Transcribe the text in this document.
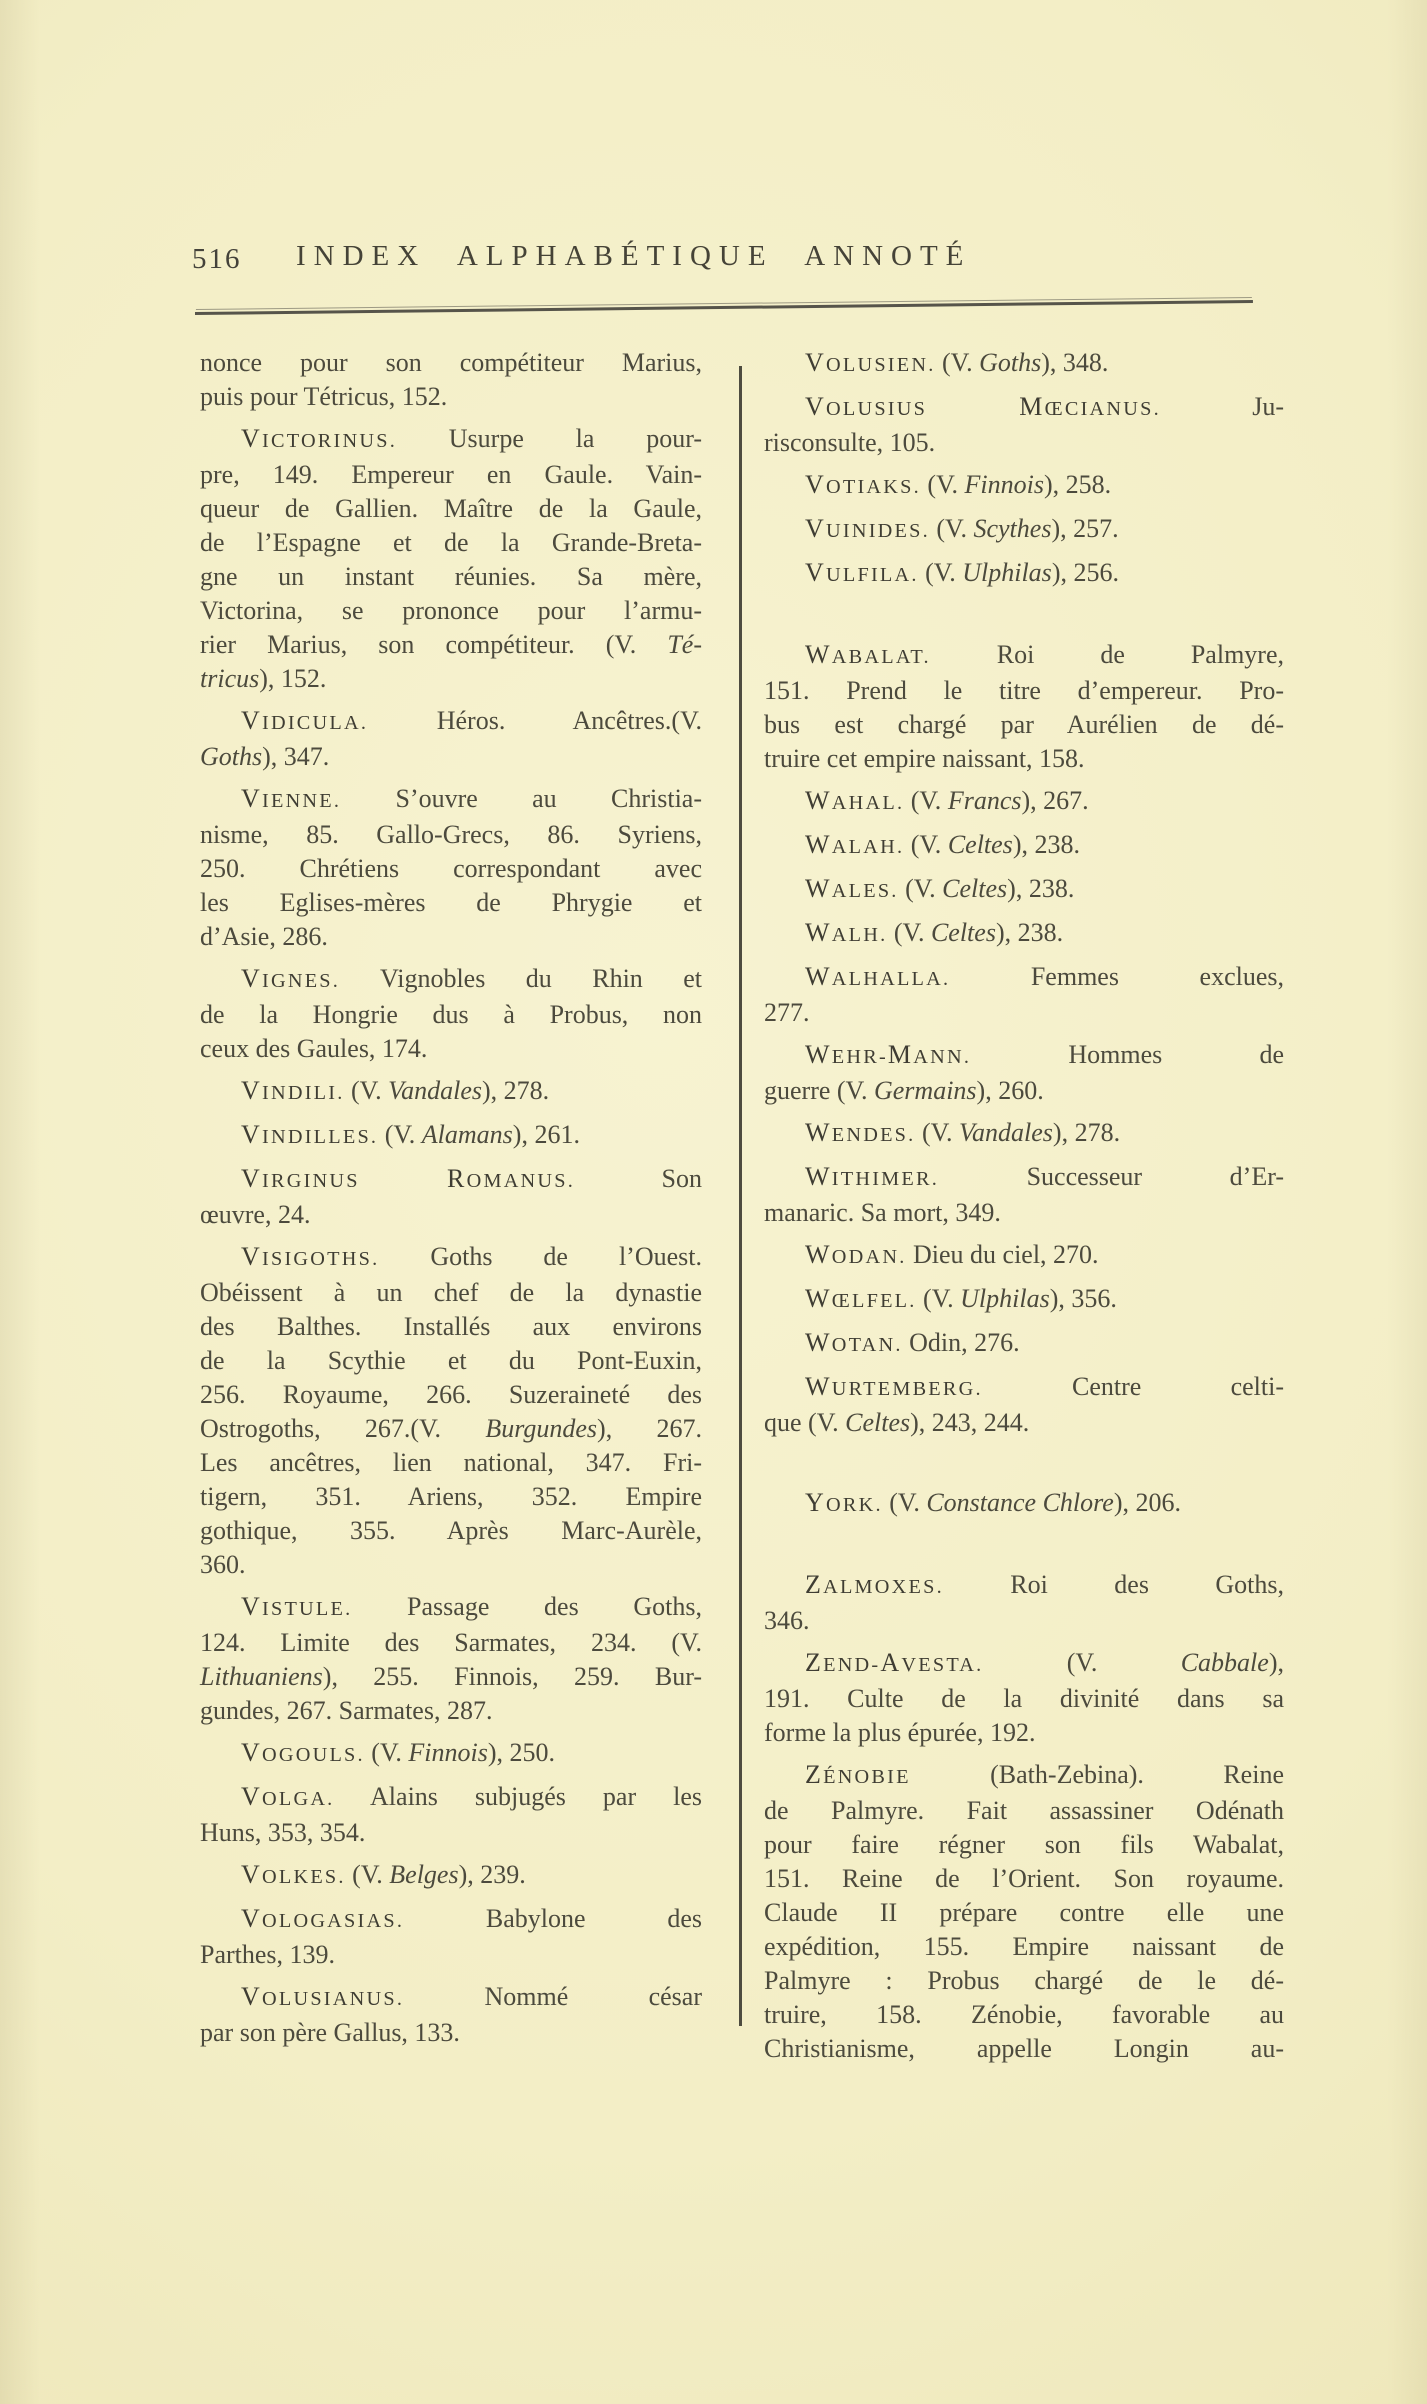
516 INDEX ALPHABÉTIQUE ANNOTÉ
nonce pour son compétiteur Marius,
puis pour Tétricus, 152.
VICTORINUS. Usurpe la pour-
pre, 149. Empereur en Gaule. Vain-
queur de Gallien. Maître de la Gaule,
de l’Espagne et de la Grande-Breta-
gne un instant réunies. Sa mère,
Victorina, se prononce pour l’armu-
rier Marius, son compétiteur. (V. Té-
tricus), 152.
VIDICULA. Héros. Ancêtres.(V.
Goths), 347.
VIENNE. S’ouvre au Christia-
nisme, 85. Gallo-Grecs, 86. Syriens,
250. Chrétiens correspondant avec
les Eglises-mères de Phrygie et
d’Asie, 286.
VIGNES. Vignobles du Rhin et
de la Hongrie dus à Probus, non
ceux des Gaules, 174.
VINDILI. (V. Vandales), 278.
VINDILLES. (V. Alamans), 261.
VIRGINUS	ROMANUS. Son
œuvre, 24.
VISIGOTHS. Goths de l’Ouest.
Obéissent à un chef de la dynastie
des Balthes. Installés aux environs
de la Scythie et du Pont-Euxin,
256. Royaume, 266. Suzeraineté des
Ostrogoths, 267.(V. Burgundes), 267.
Les ancêtres, lien national, 347. Fri-
tigern, 351. Ariens, 352. Empire
gothique, 355. Après Marc-Aurèle,
360.
VISTULE. Passage des Goths,
124. Limite des Sarmates, 234. (V.
Lithuaniens), 255. Finnois, 259. Bur-
gundes, 267. Sarmates, 287.
VOGOULS. (V. Finnois), 250.
VOLGA. Alains subjugés par les
Huns, 353, 354.
VOLKES. (V. Belges), 239.
VOLOGASIAS. Babylone des
Parthes, 139.
VOLUSIANUS. Nommé césar
par son père Gallus, 133.
VOLUSIEN. (V. Goths), 348.
VOLUSIUS	MŒCIANUS. Ju-
risconsulte, 105.
VOTIAKS. (V. Finnois), 258.
VUINIDES. (V. Scythes), 257.
VULFILA. (V. Ulphilas), 256.
WABALAT. Roi de Palmyre,
151. Prend le titre d’empereur. Pro-
bus est chargé par Aurélien de dé-
truire cet empire naissant, 158.
WAHAL. (V. Francs), 267.
WALAH. (V. Celtes), 238.
WALES. (V. Celtes), 238.
WALH. (V. Celtes), 238.
WALHALLA. Femmes exclues,
277.
WEHR-MANN. Hommes de
guerre (V. Germains), 260.
WENDES. (V. Vandales), 278.
WITHIMER. Successeur d’Er-
manaric. Sa mort, 349.
WODAN. Dieu du ciel, 270.
WŒLFEL. (V. Ulphilas), 356.
WOTAN. Odin, 276.
WURTEMBERG. Centre celti-
que (V. Celtes), 243, 244.
YORK. (V. Constance Chlore), 206.
ZALMOXES. Roi des Goths,
346.
ZEND-AVESTA. (V. Cabbale),
191. Culte de la divinité dans sa
forme la plus épurée, 192.
ZÉNOBIE (Bath-Zebina). Reine
de Palmyre. Fait assassiner Odénath
pour faire régner son fils Wabalat,
151. Reine de l’Orient. Son royaume.
Claude II prépare contre elle une
expédition, 155. Empire naissant de
Palmyre : Probus chargé de le dé-
truire, 158. Zénobie, favorable au
Christianisme, appelle Longin au-
